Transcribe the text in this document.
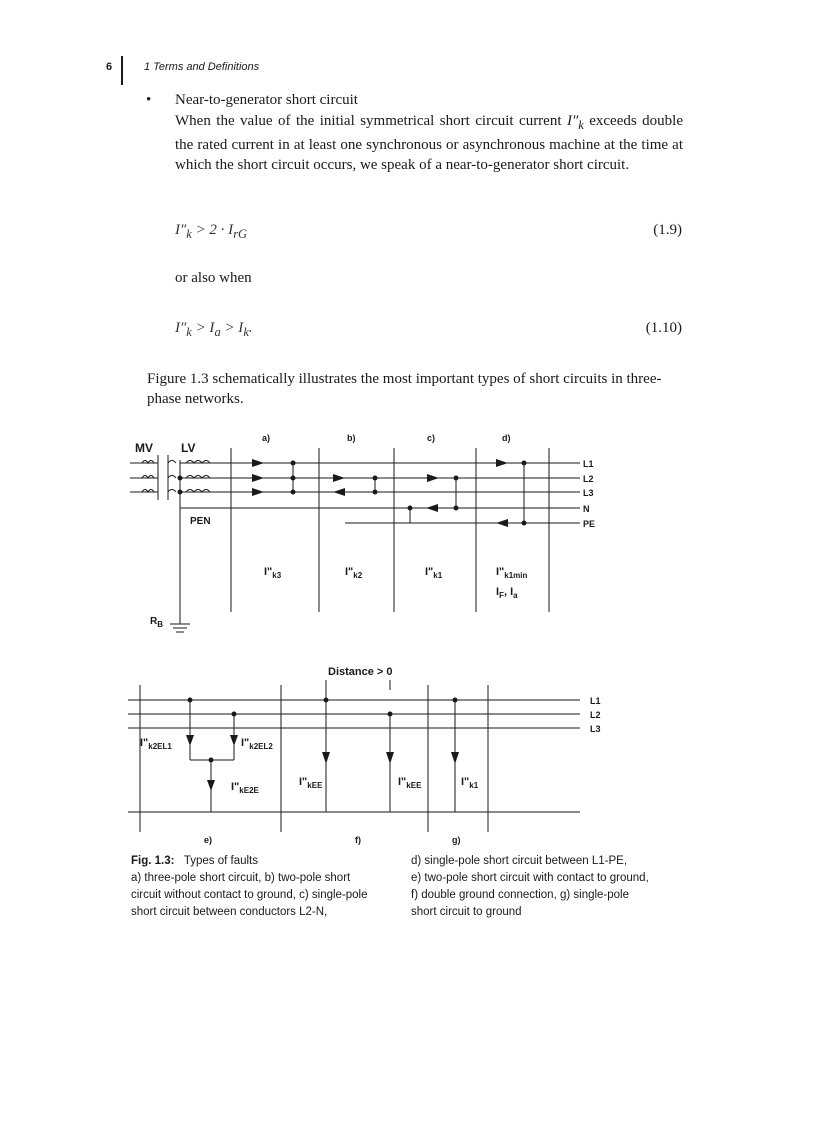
6	1 Terms and Definitions
• Near-to-generator short circuit
When the value of the initial symmetrical short circuit current $I''_k$ exceeds double the rated current in at least one synchronous or asynchronous machine at the time at which the short circuit occurs, we speak of a near-to-generator short circuit.
$I''_k > 2 \cdot I_{rG}$	(1.9)
or also when
$I''_k > I_a > I_k$.	(1.10)
Figure 1.3 schematically illustrates the most important types of short circuits in three-phase networks.
MV LV
a)	b)	c)	d)
PEN
$R_B$
L1
L2
L3
N
PE
$I"_{k3}$	$I"_{k2}$	$I"_{k1}$	$I"_{k1min}$
$I_F$, $I_a$
Distance > 0
L1
L2
L3
$I"_{k2EL1}$	$I"_{k2EL2}$
$I"_{kE2E}$
$I"_{kEE}$	$I"_{kEE}$	$I"_{k1}$
e)	f)	g)
Fig. 1.3: Types of faults
a) three-pole short circuit, b) two-pole short
circuit without contact to ground, c) single-pole
short circuit between conductors L2-N,
d) single-pole short circuit between L1-PE,
e) two-pole short circuit with contact to ground,
f) double ground connection, g) single-pole
short circuit to ground
